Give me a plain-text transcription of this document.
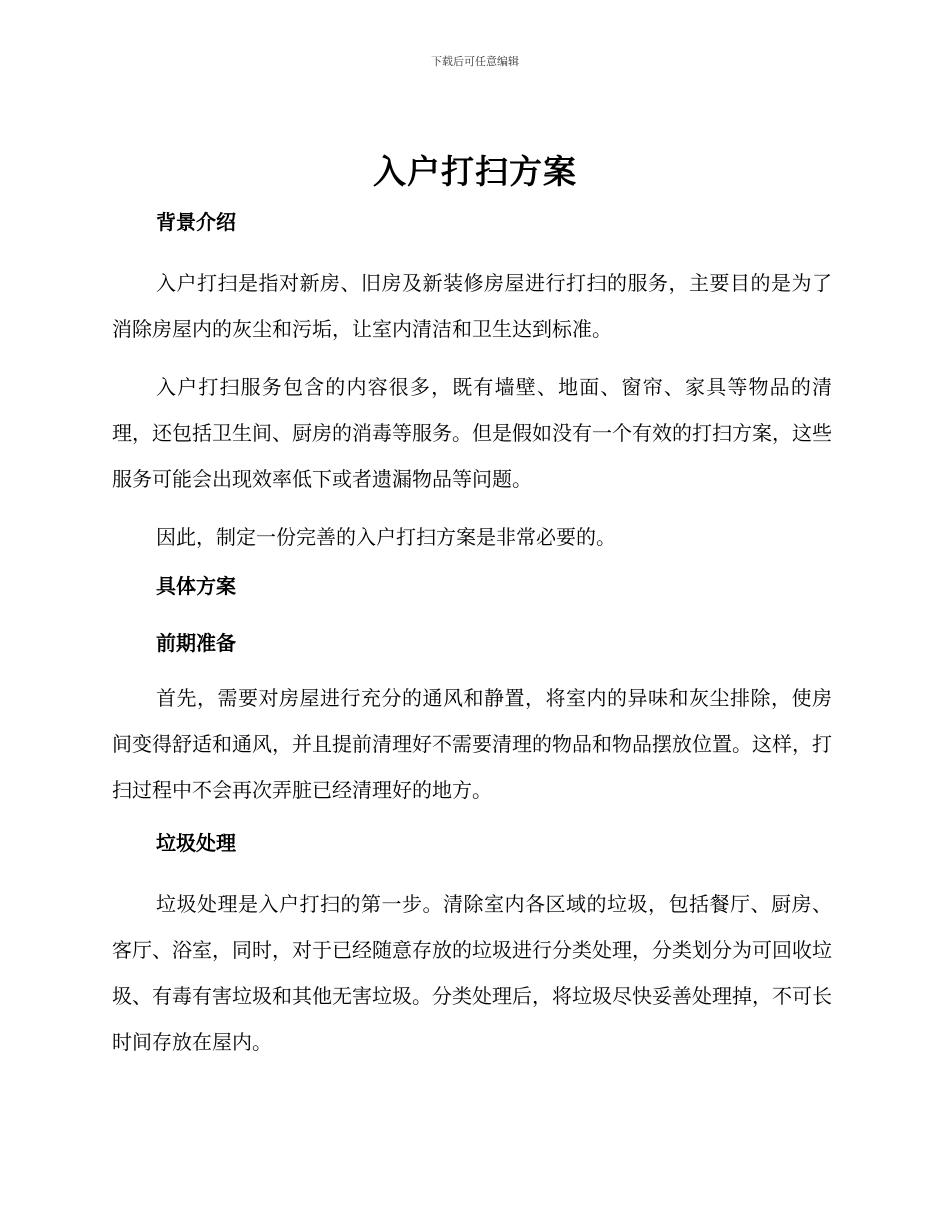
下载后可任意编辑
入户打扫方案

背景介绍

入户打扫是指对新房、旧房及新装修房屋进行打扫的服务，主要目的是为了消除房屋内的灰尘和污垢，让室内清洁和卫生达到标准。

入户打扫服务包含的内容很多，既有墙壁、地面、窗帘、家具等物品的清理，还包括卫生间、厨房的消毒等服务。但是假如没有一个有效的打扫方案，这些服务可能会出现效率低下或者遗漏物品等问题。

因此，制定一份完善的入户打扫方案是非常必要的。

具体方案

前期准备

首先，需要对房屋进行充分的通风和静置，将室内的异味和灰尘排除，使房间变得舒适和通风，并且提前清理好不需要清理的物品和物品摆放位置。这样，打扫过程中不会再次弄脏已经清理好的地方。

垃圾处理

垃圾处理是入户打扫的第一步。清除室内各区域的垃圾，包括餐厅、厨房、客厅、浴室，同时，对于已经随意存放的垃圾进行分类处理，分类划分为可回收垃圾、有毒有害垃圾和其他无害垃圾。分类处理后，将垃圾尽快妥善处理掉，不可长时间存放在屋内。
